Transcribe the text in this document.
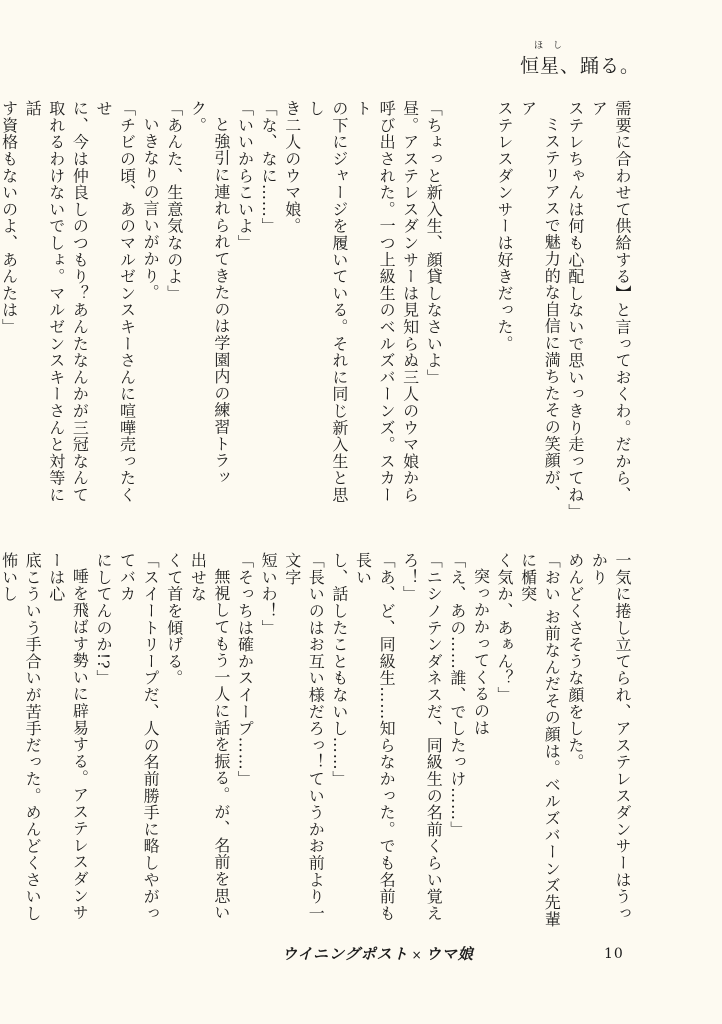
ほし
恒星、踊る。

需要に合わせて供給する】と言っておくわ。だから、ア

ステレちゃんは何も心配しないで思いっきり走ってね」

ミステリアスで魅力的な自信に満ちたその笑顔が、ア

ステレスダンサーは好きだった。

「ちょっと新入生、顔貸しなさいよ」

昼。アステレスダンサーは見知らぬ三人のウマ娘から

呼び出された。一つ上級生のベルズバーンズ。スカート

の下にジャージを履いている。それに同じ新入生と思し

き二人のウマ娘。

「な、なに……」

「いいからこいよ」

と強引に連れられてきたのは学園内の練習トラック。

「あんた、生意気なのよ」

いきなりの言いがかり。

「チビの頃、あのマルゼンスキーさんに喧嘩売ったくせ

に、今は仲良しのつもり？あんたなんかが三冠なんて

取れるわけないでしょ。マルゼンスキーさんと対等に話

す資格もないのよ、あんたは」

一気に捲し立てられ、アステレスダンサーはうっかり

めんどくさそうな顔をした。

「おい お前なんだその顔は。ベルズバーンズ先輩に楯突

く気か、あぁん？」

突っかかってくるのは

「え、あの……誰、でしたっけ……」

「ニシノテンダネスだ、同級生の名前くらい覚えろ！」

「あ、ど、同級生……知らなかった。でも名前も長い

し、話したこともないし……」

「長いのはお互い様だろっ！ていうかお前より一文字

短いわ！」

「そっちは確かスイープ……」

無視してもう一人に話を振る。が、名前を思い出せな

くて首を傾げる。

「スイートリープだ、人の名前勝手に略しやがってバカ

にしてんのか!?」

唾を飛ばす勢いに辟易する。アステレスダンサーは心

底こういう手合いが苦手だった。めんどくさいし怖いし

ウイニングポスト × ウマ娘	10
